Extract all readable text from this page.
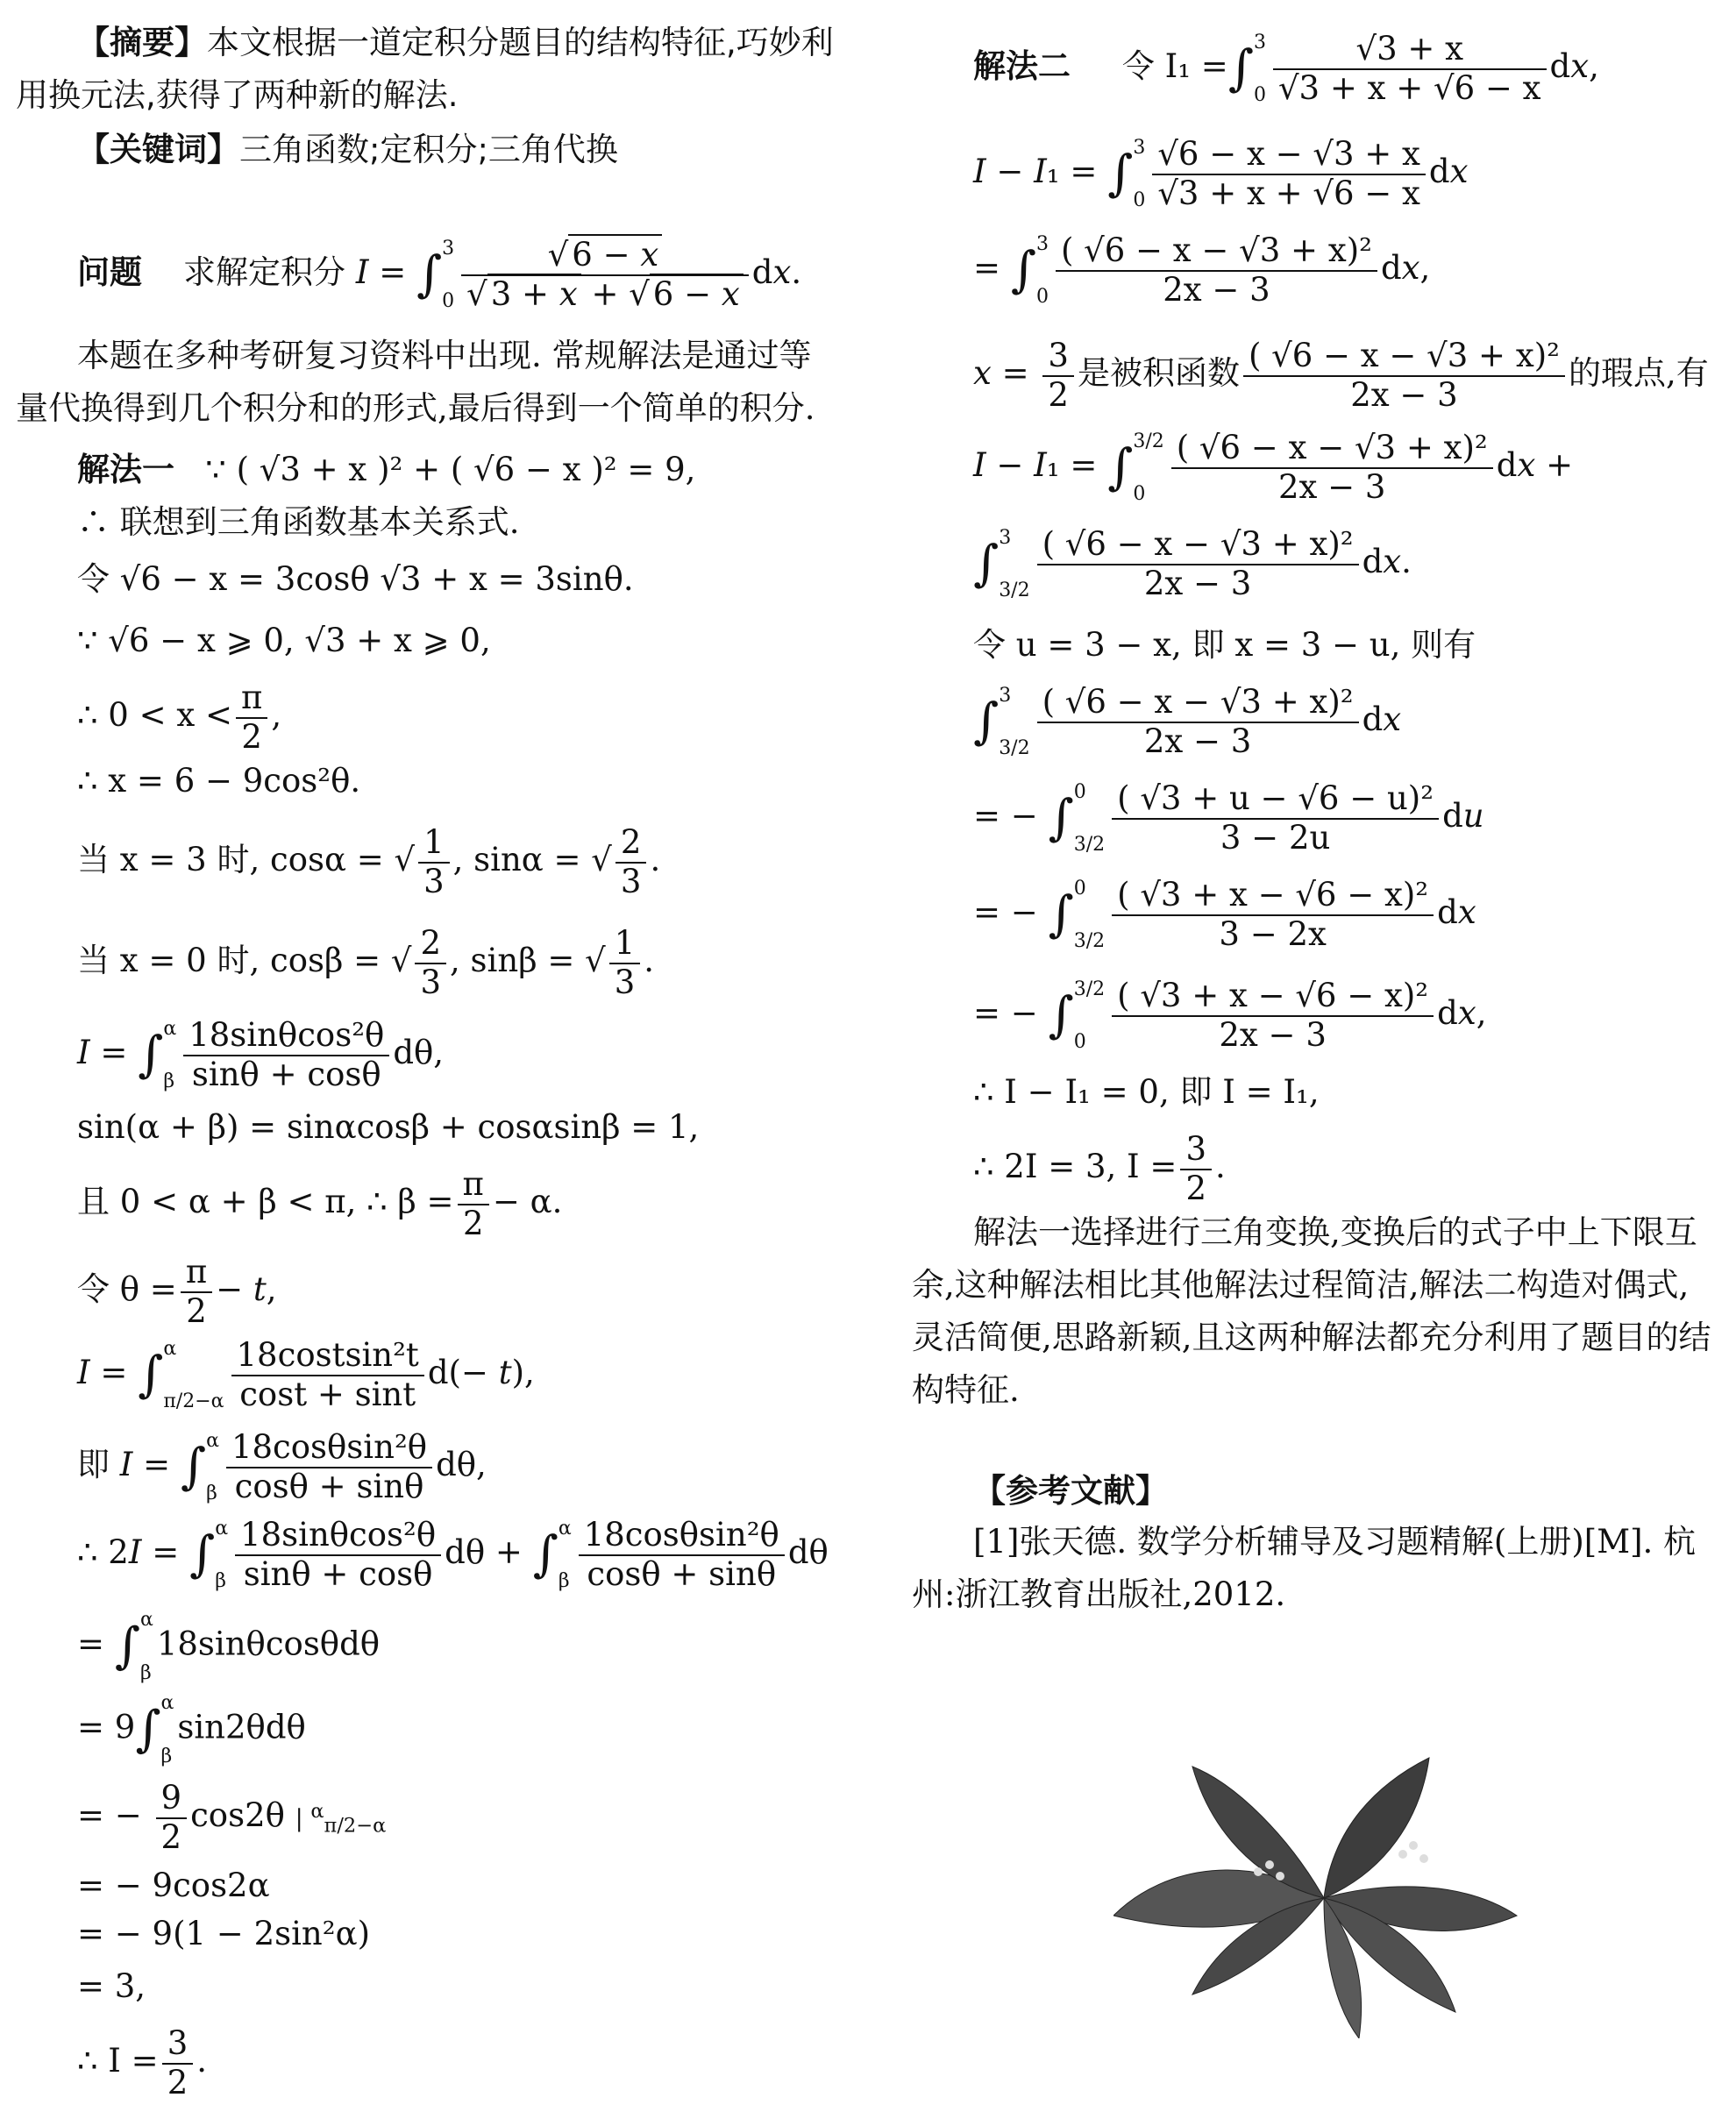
【摘要】本文根据一道定积分题目的结构特征,巧妙利
用换元法,获得了两种新的解法.
【关键词】三角函数;定积分;三角代换
问题 求解定积分 I = ∫ 3
$0 \frac{√ 6 - x}{√ 3 + x + √ 6 - x}$ dx.
本题在多种考研复习资料中出现. 常规解法是通过等
量代换得到几个积分和的形式,最后得到一个简单的积分.
解法一 ∵ ( √3 + x )² + ( √6 − x )² = 9,
∴ 联想到三角函数基本关系式.
令 √6 − x = 3cosθ √3 + x = 3sinθ.
∵ √6 − x ⩾ 0, √3 + x ⩾ 0,
∴ $0 < x < \frac{\pi}{2}$ ,
∴ x = 6 − 9cos²θ.
当 x = 3 时, cosα = √ $\frac{1}{3}$ , sinα = √ $\frac{2}{3}$ .
当 x = 0 时, cosβ = √ $\frac{2}{3}$ , sinβ = √ $\frac{1}{3}$ .
I = ∫ α
β $\frac{\text{18sinθcos²θ}}{\sin\theta + \cos\theta} d\theta$,
sin(α + β) = sinαcosβ + cosαsinβ = 1,
且 0 < α + β < π, ∴ $\beta = \frac{\pi}{2} - \alpha$.
令 $\theta = \frac{\pi}{2} - t$,
I = ∫ α
$\pi/2-\alpha \frac{\text{18costsin²t}}{\cos t + \sin t} d(- t)$,
即 I = ∫ α
β $\frac{\text{18cosθsin²θ}}{\cos\theta + \sin\theta} d\theta$,
∴ 2I = ∫ α
β $\frac{\text{18sinθcos²θ}}{\sin\theta + \cos\theta}$ dθ + ∫ α
β $\frac{\text{18cosθsin²θ}}{\cos\theta + \sin\theta}$ dθ
= ∫ α
β
18sinθcosθdθ
= 9∫ α
β
sin2θdθ
= − $\frac{9}{2} \cos 2\theta$ | $^\alpha_{\pi/2-\alpha}$
= − 9cos2α
= − 9(1 − 2sin²α)
= 3,
∴ $I = \frac{3}{2}$ .
解法二 令 I₁ =∫ 3
$0 \frac{√3 + x}{√3 + x + √6 - x}$ dx,
I − I₁ = ∫ 3
$0 \frac{√6 - x - √3 + x}{√3 + x + √6 - x}$ dx
= ∫ 3
$0 \frac{\text{( √6 − x − √3 + x)²}}{2x - 3}$ dx,
$x = \frac{3}{2}$ 是被积函数 $\frac{\text{( √6 − x − √3 + x)²}}{2x - 3}$ 的瑕点,有
I − I₁ = ∫ 3/2
$0 \frac{\text{( √6 − x − √3 + x)²}}{2x - 3}$ dx +
∫ 3
$3/2 \frac{\text{( √6 − x − √3 + x)²}}{2x - 3}$ dx.
令 u = 3 − x, 即 x = 3 − u, 则有
∫ 3
$3/2 \frac{\text{( √6 − x − √3 + x)²}}{2x - 3}$ dx
= − ∫ 0
$3/2 \frac{\text{( √3 + u − √6 − u)²}}{3 - 2u}$ du
= − ∫ 0
$3/2 \frac{\text{( √3 + x − √6 − x)²}}{3 - 2x}$ dx
= − ∫ 3/2
$0 \frac{\text{( √3 + x − √6 − x)²}}{2x - 3}$ dx,
∴ I − I₁ = 0, 即 I = I₁,
∴ 2I = 3, $I = \frac{3}{2}$ .
解法一选择进行三角变换,变换后的式子中上下限互
余,这种解法相比其他解法过程简洁,解法二构造对偶式,
灵活简便,思路新颖,且这两种解法都充分利用了题目的结
构特征.
【参考文献】
[1]张天德. 数学分析辅导及习题精解(上册)[M]. 杭
州:浙江教育出版社,2012.
